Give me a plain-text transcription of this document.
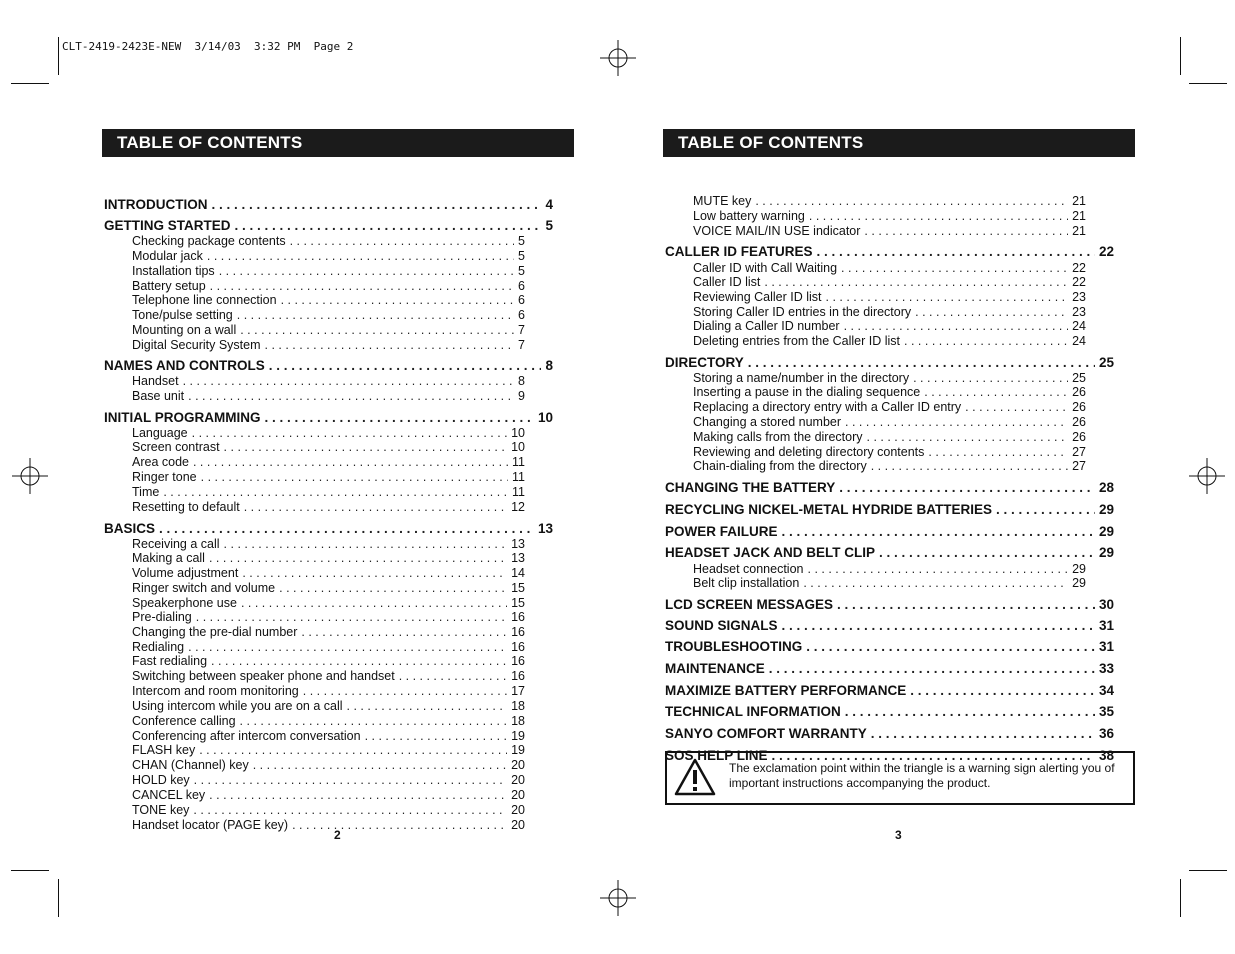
CLT-2419-2423E-NEW  3/14/03  3:32 PM  Page 2
TABLE OF CONTENTS
INTRODUCTION . . .	4
GETTING STARTED . . .	5
Checking package contents . . .	5
Modular jack . . .	5
Installation tips . . .	5
Battery setup . . .	6
Telephone line connection . . .	6
Tone/pulse setting . . .	6
Mounting on a wall . . .	7
Digital Security System . . .	7
NAMES AND CONTROLS . . .	8
Handset . . .	8
Base unit . . .	9
INITIAL PROGRAMMING . . .	10
Language . . .	10
Screen contrast . . .	10
Area code . . .	11
Ringer tone . . .	11
Time . . .	11
Resetting to default . . .	12
BASICS . . .	13
Receiving a call . . .	13
Making a call . . .	13
Volume adjustment . . .	14
Ringer switch and volume . . .	15
Speakerphone use . . .	15
Pre-dialing . . .	16
Changing the pre-dial number . . .	16
Redialing . . .	16
Fast redialing . . .	16
Switching between speaker phone and handset . . .	16
Intercom and room monitoring . . .	17
Using intercom while you are on a call . . .	18
Conference calling . . .	18
Conferencing after intercom conversation . . .	19
FLASH key . . .	19
CHAN (Channel) key . . .	20
HOLD key . . .	20
CANCEL key . . .	20
TONE key . . .	20
Handset locator (PAGE key) . . .	20
2
TABLE OF CONTENTS
MUTE key . . .	21
Low battery warning . . .	21
VOICE MAIL/IN USE indicator . . .	21
CALLER ID FEATURES . . .	22
Caller ID with Call Waiting . . .	22
Caller ID list . . .	22
Reviewing Caller ID list . . .	23
Storing Caller ID entries in the directory . . .	23
Dialing a Caller ID number . . .	24
Deleting entries from the Caller ID list . . .	24
DIRECTORY . . .	25
Storing a name/number in the directory . . .	25
Inserting a pause in the dialing sequence . . .	26
Replacing a directory entry with a Caller ID entry . . .	26
Changing a stored number . . .	26
Making calls from the directory . . .	26
Reviewing and deleting directory contents . . .	27
Chain-dialing from the directory . . .	27
CHANGING THE BATTERY . . .	28
RECYCLING NICKEL-METAL HYDRIDE BATTERIES . . .	29
POWER FAILURE . . .	29
HEADSET JACK AND BELT CLIP . . .	29
Headset connection . . .	29
Belt clip installation . . .	29
LCD SCREEN MESSAGES . . .	30
SOUND SIGNALS . . .	31
TROUBLESHOOTING . . .	31
MAINTENANCE . . .	33
MAXIMIZE BATTERY PERFORMANCE . . .	34
TECHNICAL INFORMATION . . .	35
SANYO COMFORT WARRANTY . . .	36
SOS HELP LINE . . .	38
3
The exclamation point within the triangle is a warning sign alerting you of important instructions accompanying the product.
